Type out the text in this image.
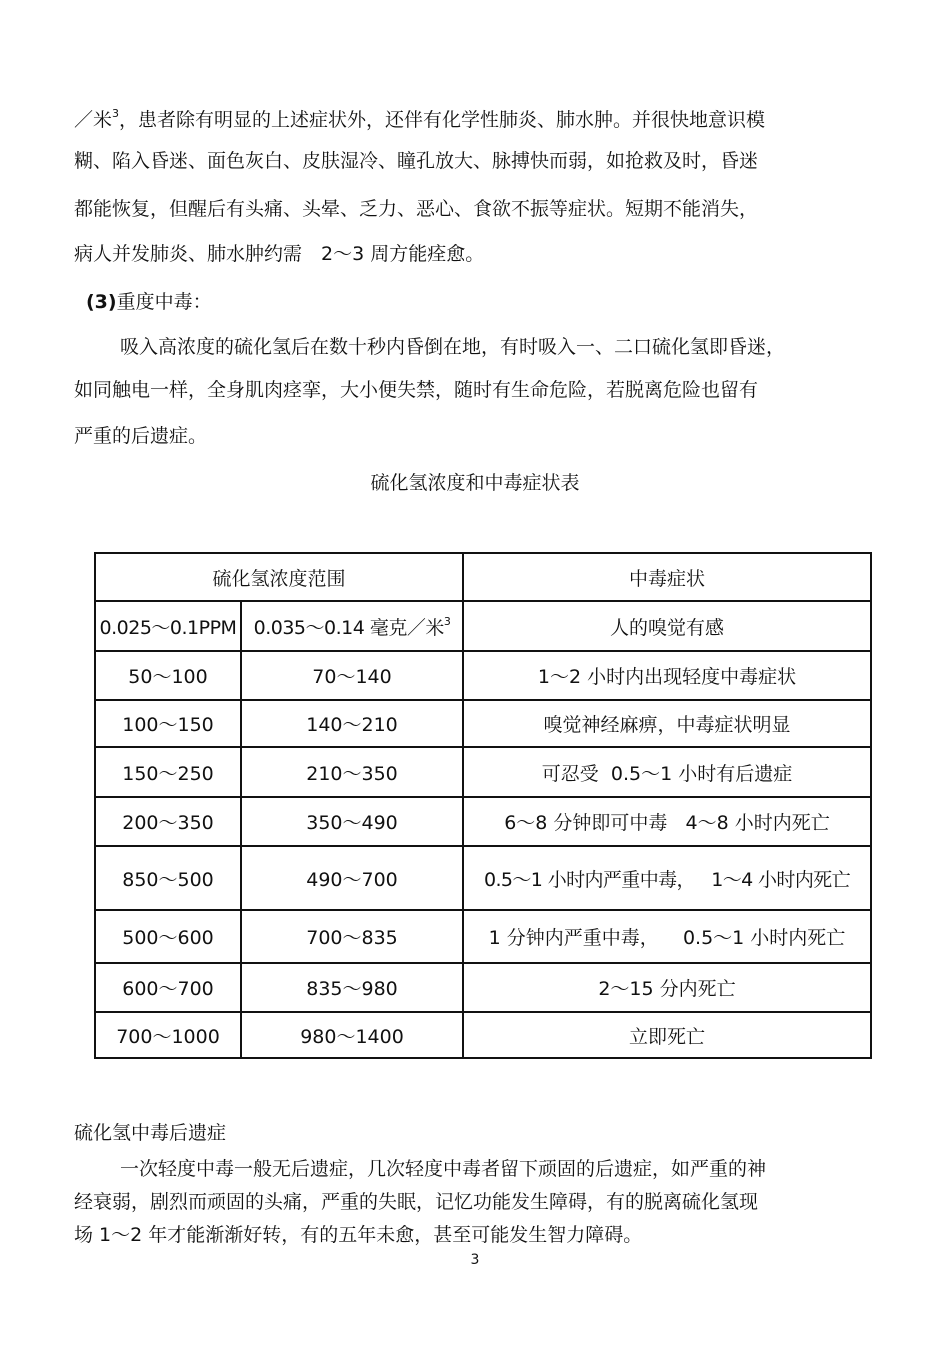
／米$^3$，患者除有明显的上述症状外，还伴有化学性肺炎、肺水肿。并很快地意识模
糊、陷入昏迷、面色灰白、皮肤湿冷、瞳孔放大、脉搏快而弱，如抢救及时，昏迷
都能恢复，但醒后有头痛、头晕、乏力、恶心、食欲不振等症状。短期不能消失，
病人并发肺炎、肺水肿约需　2～3 周方能痊愈。
(3)重度中毒：
吸入高浓度的硫化氢后在数十秒内昏倒在地，有时吸入一、二口硫化氢即昏迷，
如同触电一样，全身肌肉痉挛，大小便失禁，随时有生命危险，若脱离危险也留有
严重的后遗症。
硫化氢浓度和中毒症状表
硫化氢浓度范围		中毒症状
0.025～0.1PPM	0.035～0.14 毫克／米$^3$	人的嗅觉有感
50～100	70～140	1～2 小时内出现轻度中毒症状
100～150	140～210	嗅觉神经麻痹，中毒症状明显
150～250	210～350	可忍受  0.5～1 小时有后遗症
200～350	350～490	6～8 分钟即可中毒   4～8 小时内死亡
850～500	490～700	0.5～1 小时内严重中毒，   1～4 小时内死亡
500～600	700～835	1 分钟内严重中毒，    0.5～1 小时内死亡
600～700	835～980	2～15 分内死亡
700～1000	980～1400	立即死亡
硫化氢中毒后遗症
一次轻度中毒一般无后遗症，几次轻度中毒者留下顽固的后遗症，如严重的神
经衰弱，剧烈而顽固的头痛，严重的失眠，记忆功能发生障碍，有的脱离硫化氢现
场 1～2 年才能渐渐好转，有的五年未愈，甚至可能发生智力障碍。
3
